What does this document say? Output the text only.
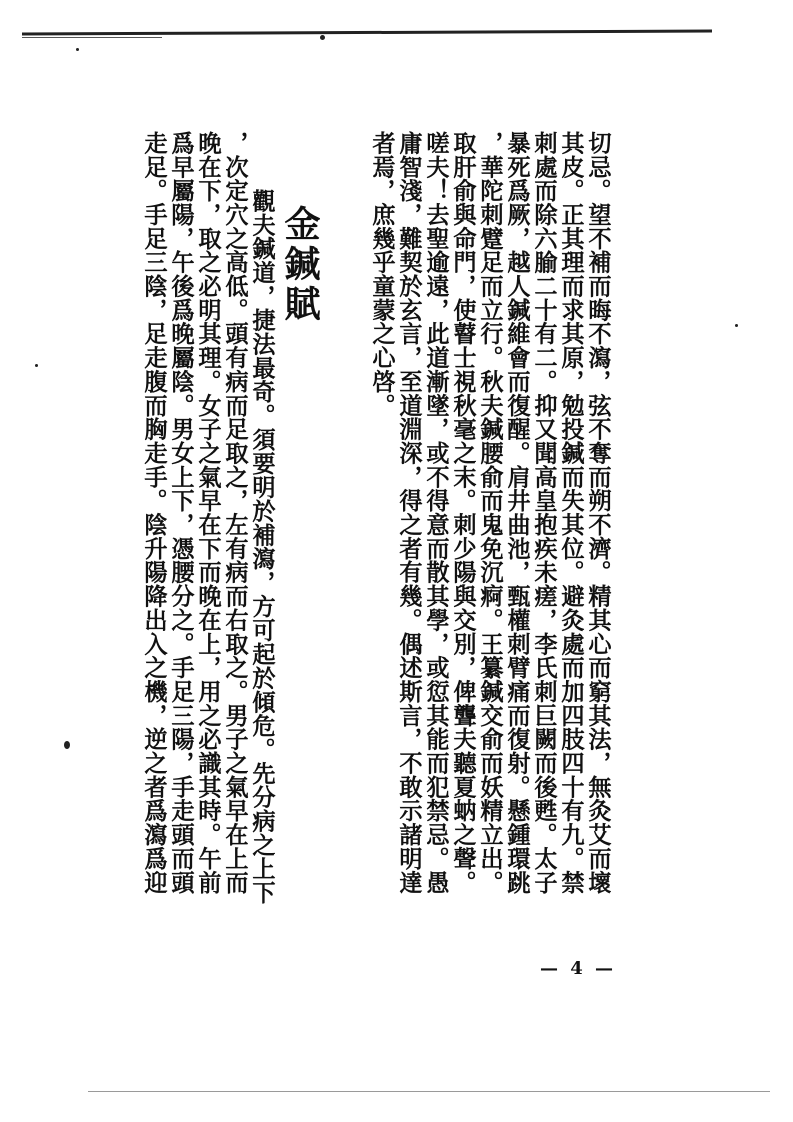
切忌。望不補而晦不瀉，弦不奪而朔不濟。精其心而窮其法，無灸艾而壞
其皮。正其理而求其原，勉投鍼而失其位。避灸處而加四肢四十有九。禁
刺處而除六腧二十有二。抑又聞高皇抱疾未瘥，李氏刺巨闕而後甦。太子
暴死爲厥，越人鍼維會而復醒。肩井曲池，甄權刺臂痛而復射。懸鍾環跳
，華陀刺躄足而立行。秋夫鍼腰俞而鬼免沉痾。王纂鍼交俞而妖精立出。
取肝俞與命門，使瞽士視秋毫之末。刺少陽與交別，俾聾夫聽夏蚋之聲。
嗟夫！去聖逾遠，此道漸墜，或不得意而散其學，或愆其能而犯禁忌。愚
庸智淺，難契於玄言，至道淵深，得之者有幾。偶述斯言，不敢示諸明達
者焉，庶幾乎童蒙之心啓。
金鍼賦
觀夫鍼道，捷法最奇。須要明於補瀉，方可起於傾危。先分病之上下
，次定穴之高低。頭有病而足取之，左有病而右取之。男子之氣早在上而
晚在下，取之必明其理。女子之氣早在下而晚在上，用之必識其時。午前
爲早屬陽，午後爲晚屬陰。男女上下，憑腰分之。手足三陽，手走頭而頭
走足。手足三陰，足走腹而胸走手。陰升陽降出入之機，逆之者爲瀉爲迎
— 4 —
